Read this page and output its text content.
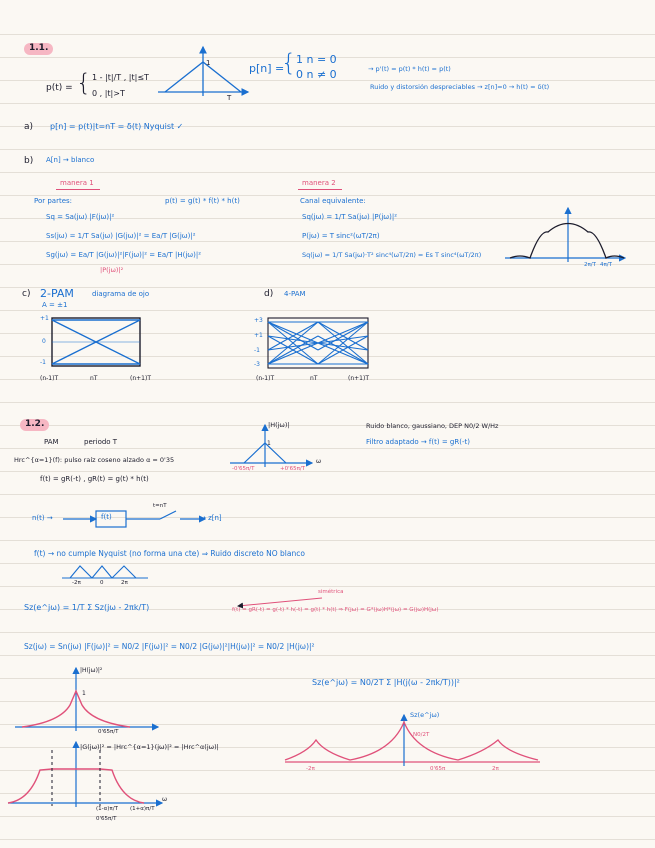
1.1.
p(t) = { 1 - |t|/T , |t|≤T
0 , |t|>T
1
T
p[n] =
{ 1 n = 0
0 n ≠ 0	→ p'(t) = p(t) * h(t) = p(t)
Ruido y distorsión despreciables → z[n]=0 → h(t) = δ(t)
a) p[n] = p(t)|t=nT = δ(t) Nyquist ✓
b) A[n] → blanco
manera 1	manera 2
Por partes:	p(t) = g(t) * f(t) * h(t)
Sq = Sa(jω) |F(jω)|²
Ss(jω) = 1/T Sa(jω) |G(jω)|² = Ea/T |G(jω)|²
Sg(jω) = Ea/T |G(jω)|²|F(jω)|² = Ea/T |H(jω)|²
|P(jω)|²
Canal equivalente:
Sq(jω) = 1/T Sa(jω) |P(jω)|²
P(jω) = T sinc²(ωT/2π)
Sq(jω) = 1/T Sa(jω)·T² sinc⁴(ωT/2π) = Es T sinc⁴(ωT/2π)
2π/T 4π/T
c) 2-PAM	diagrama de ojo
A = ±1
+1
0
-1
(n-1)T	nT	(n+1)T
d) 4-PAM
+3
+1
-1
-3
(n-1)T	nT	(n+1)T
1.2.
PAM	periodo T
Hrc^{α=1}(f): pulso raíz coseno alzado α = 0'35
f(t) = gR(-t) , gR(t) = g(t) * h(t)
|H(jω)|
1
-0'65π/T	+0'65π/T
ω
Ruido blanco, gaussiano, DEP N0/2 W/Hz
Filtro adaptado → f(t) = gR(-t)
n(t) →	f(t)
t=nT
→ z[n]
f(t) → no cumple Nyquist (no forma una cte) ⇒ Ruido discreto NO blanco
-2π	0	2π
simétrica
Sz(e^jω) = 1/T Σ Sz(jω - 2πk/T)	f(t) = gR(-t) = g(-t) * h(-t) = g(t) * h(t) ⇒ F(jω) = G*(jω)H*(jω) = G(jω)H(jω)
Sz(jω) = Sn(jω) |F(jω)|² = N0/2 |F(jω)|² = N0/2 |G(jω)|²|H(jω)|² = N0/2 |H(jω)|²
Sz(e^jω) = N0/2T Σ |H(j(ω - 2πk/T))|²
|H(jω)|²
1
0'65π/T
|G(jω)|² = |Hrc^{α=1}(jω)|² = |Hrc^α(jω)|
(1-α)π/T (1+α)π/T
0'65π/T
ω
Sz(e^jω)
N0/2T
-2π	0'65π	2π
